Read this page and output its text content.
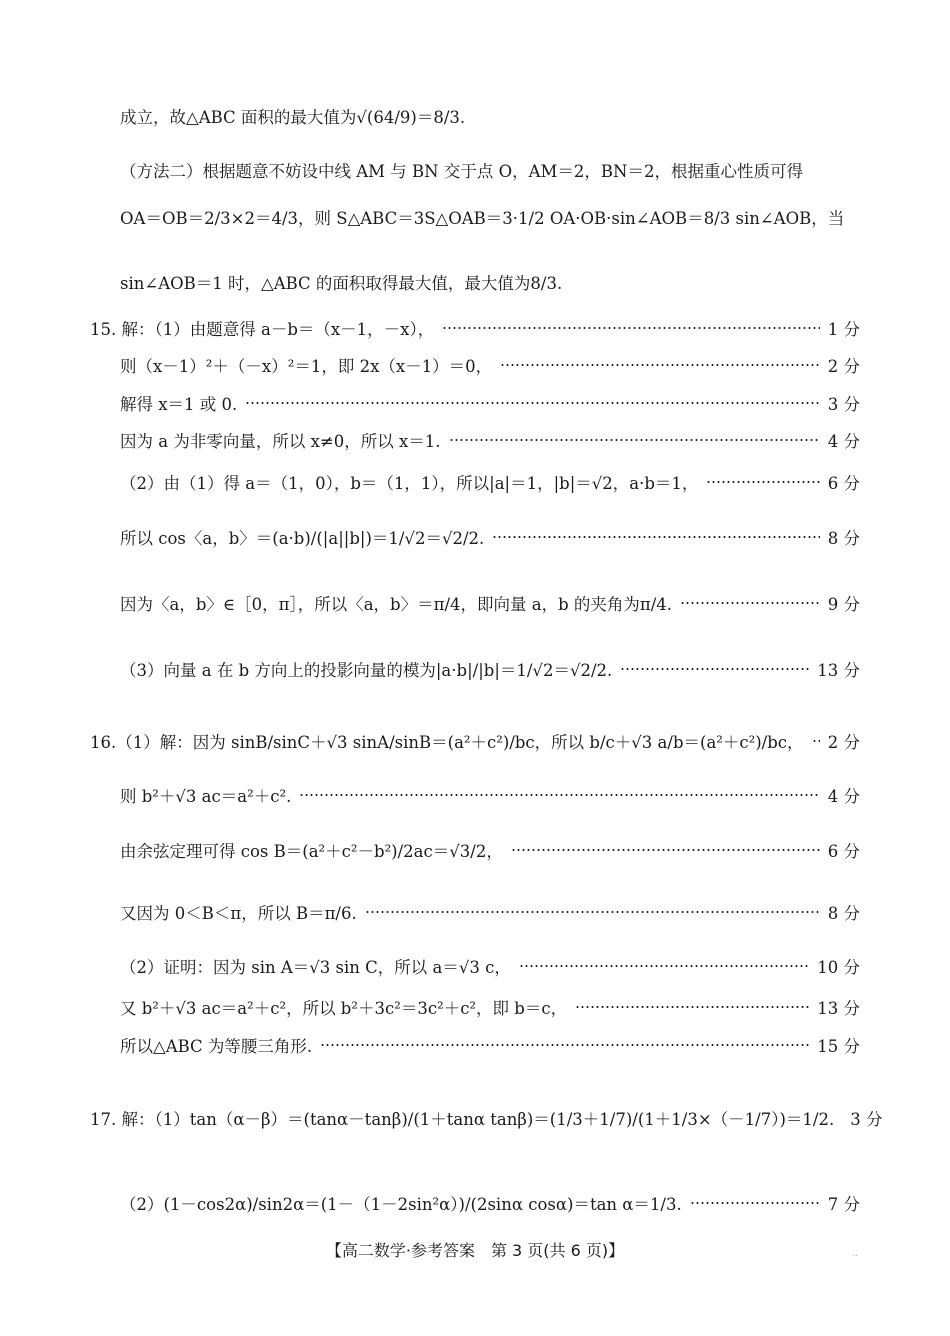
成立，故△ABC 面积的最大值为√(64/9)＝8/3.
（方法二）根据题意不妨设中线 AM 与 BN 交于点 O，AM＝2，BN＝2，根据重心性质可得
OA＝OB＝2/3×2＝4/3，则 S△ABC＝3S△OAB＝3·1/2 OA·OB·sin∠AOB＝8/3 sin∠AOB，当
sin∠AOB＝1 时，△ABC 的面积取得最大值，最大值为8/3.
15. 解：（1）由题意得 a－b＝（x－1，－x），	1 分
则（x－1）²＋（－x）²＝1，即 2x（x－1）＝0，	2 分
解得 x＝1 或 0.	3 分
因为 a 为非零向量，所以 x≠0，所以 x＝1.	4 分
（2）由（1）得 a＝（1，0），b＝（1，1），所以|a|＝1，|b|＝√2，a·b＝1，	6 分
所以 cos〈a，b〉＝(a·b)/(|a||b|)＝1/√2＝√2/2.	8 分
因为〈a，b〉∈［0，π］，所以〈a，b〉＝π/4，即向量 a，b 的夹角为π/4.	9 分
（3）向量 a 在 b 方向上的投影向量的模为|a·b|/|b|＝1/√2＝√2/2.	13 分
16.（1）解：因为 sinB/sinC＋√3 sinA/sinB＝(a²＋c²)/bc，所以 b/c＋√3 a/b＝(a²＋c²)/bc， 2 分
则 b²＋√3 ac＝a²＋c².	4 分
由余弦定理可得 cos B＝(a²＋c²－b²)/2ac＝√3/2，	6 分
又因为 0＜B＜π，所以 B＝π/6.	8 分
（2）证明：因为 sin A＝√3 sin C，所以 a＝√3 c，	10 分
又 b²＋√3 ac＝a²＋c²，所以 b²＋3c²＝3c²＋c²，即 b＝c，	13 分
所以△ABC 为等腰三角形.	15 分
17. 解：（1）tan（α－β）＝(tanα－tanβ)/(1＋tanα tanβ)＝(1/3＋1/7)/(1＋1/3×（－1/7）)＝1/2. 3 分
（2）(1－cos2α)/sin2α＝(1－（1－2sin²α）)/(2sinα cosα)＝tan α＝1/3.	7 分
【高二数学·参考答案　第 3 页(共 6 页)】	..
